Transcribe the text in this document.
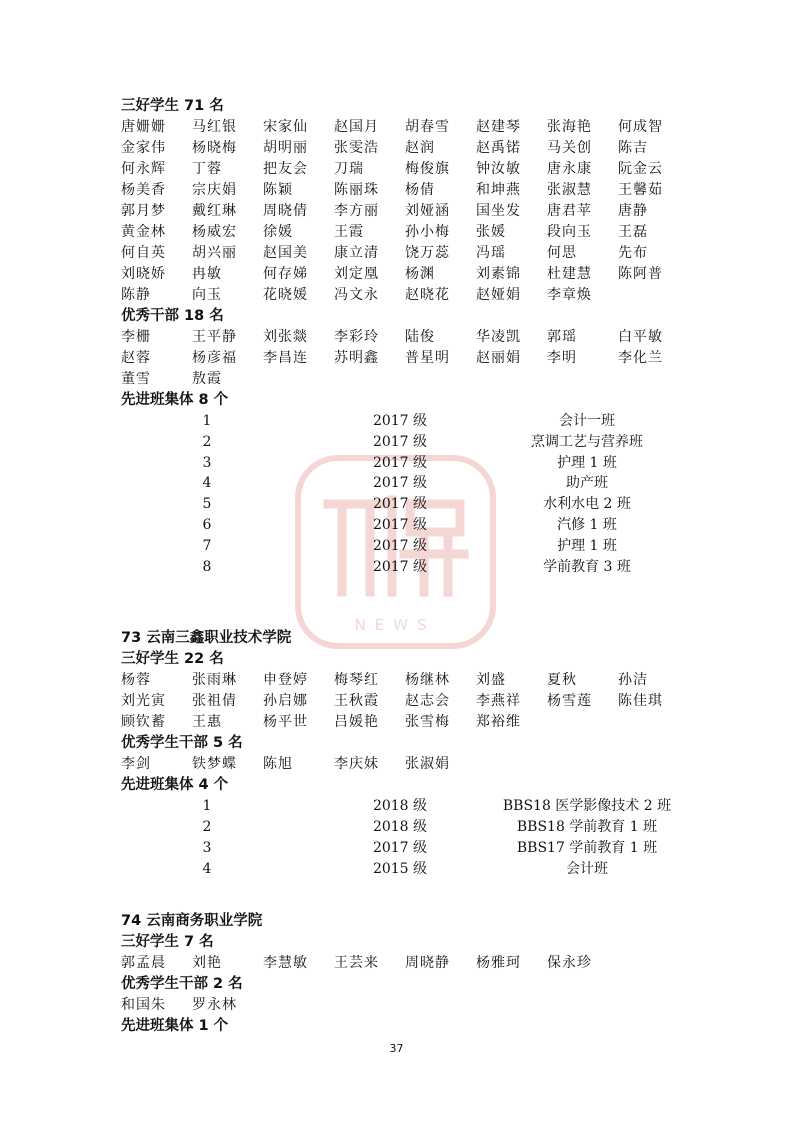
NEWS
三好学生 71 名
唐姗姗	马红银	宋家仙	赵国月	胡春雪	赵建琴	张海艳	何成智
金家伟	杨晓梅	胡明丽	张雯浩	赵润	赵禹锘	马关创	陈吉
何永辉	丁蓉	把友会	刀瑞	梅俊旗	钟汝敏	唐永康	阮金云
杨美香	宗庆娟	陈颖	陈丽珠	杨倩	和坤燕	张淑慧	王馨茹
郭月梦	戴红琳	周晓倩	李方丽	刘娅涵	国坐发	唐君苹	唐静
黄金林	杨威宏	徐媛	王霞	孙小梅	张媛	段向玉	王磊
何自英	胡兴丽	赵国美	康立清	饶万蕊	冯瑶	何思	先布
刘晓娇	冉敏	何存娣	刘定凰	杨渊	刘素锦	杜建慧	陈阿普
陈静	向玉	花晓媛	冯文永	赵晓花	赵娅娟	李章焕
优秀干部 18 名
李栅	王平静	刘张燚	李彩玲	陆俊	华凌凯	郭瑶	白平敏
赵蓉	杨彦福	李昌连	苏明鑫	普星明	赵丽娟	李明	李化兰
董雪	敖霞
先进班集体 8 个
1	2017 级	会计一班
2	2017 级	烹调工艺与营养班
3	2017 级	护理 1 班
4	2017 级	助产班
5	2017 级	水利水电 2 班
6	2017 级	汽修 1 班
7	2017 级	护理 1 班
8	2017 级	学前教育 3 班
73 云南三鑫职业技术学院
三好学生 22 名
杨蓉	张雨琳	申登婷	梅琴红	杨继林	刘盛	夏秋	孙洁
刘光寅	张祖倩	孙启娜	王秋霞	赵志会	李燕祥	杨雪莲	陈佳琪
顾钦蓄	王惠	杨平世	吕媛艳	张雪梅	郑裕维
优秀学生干部 5 名
李剑	铁梦蝶	陈旭	李庆妹	张淑娟
先进班集体 4 个
1	2018 级	BBS18 医学影像技术 2 班
2	2018 级	BBS18 学前教育 1 班
3	2017 级	BBS17 学前教育 1 班
4	2015 级	会计班
74 云南商务职业学院
三好学生 7 名
郭孟晨	刘艳	李慧敏	王芸来	周晓静	杨雅珂	保永珍
优秀学生干部 2 名
和国朱	罗永林
先进班集体 1 个
37
